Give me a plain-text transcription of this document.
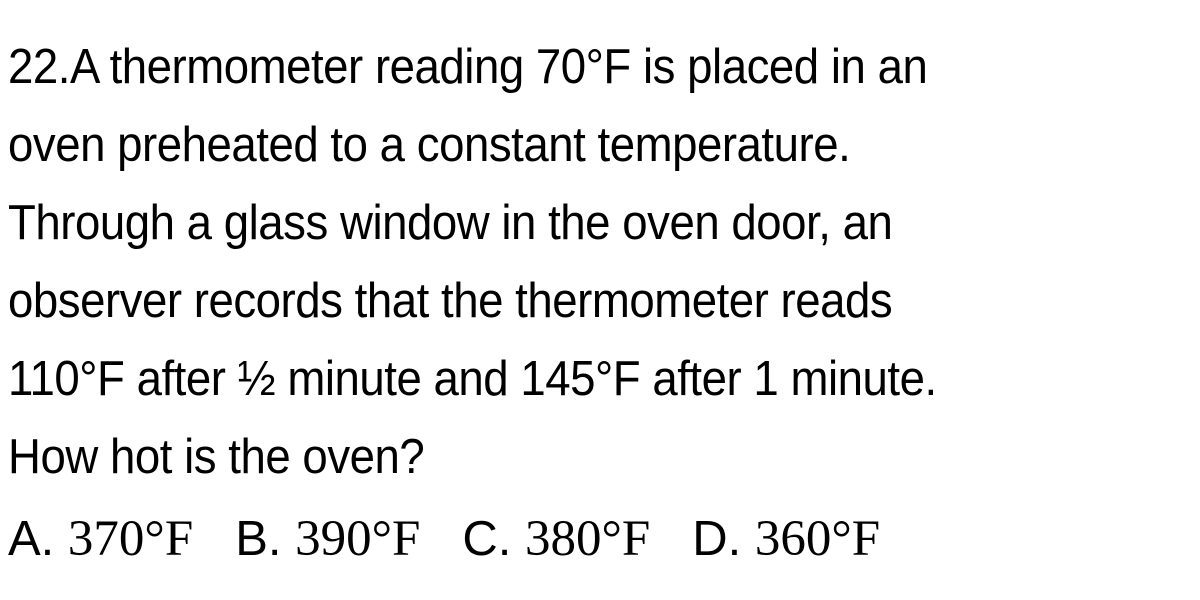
22.A thermometer reading 70°F is placed in an
oven preheated to a constant temperature.
Through a glass window in the oven door, an
observer records that the thermometer reads
110°F after ½ minute and 145°F after 1 minute.
How hot is the oven?
A. 370°F B. 390°F C. 380°F D. 360°F
